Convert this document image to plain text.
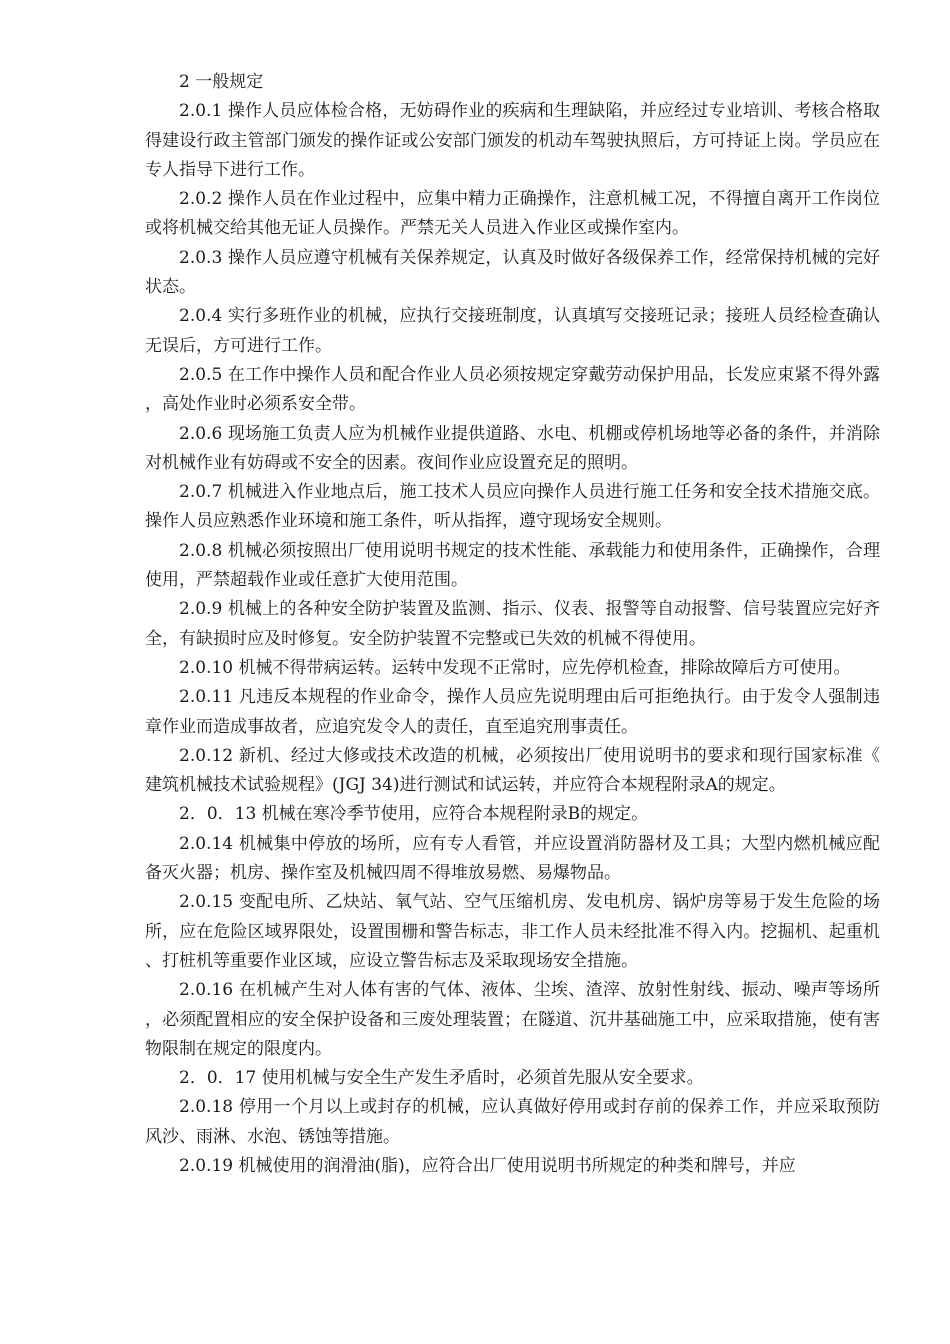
2 一般规定

2.0.1 操作人员应体检合格，无妨碍作业的疾病和生理缺陷，并应经过专业培训、考核合格取得建设行政主管部门颁发的操作证或公安部门颁发的机动车驾驶执照后，方可持证上岗。学员应在专人指导下进行工作。

2.0.2 操作人员在作业过程中，应集中精力正确操作，注意机械工况，不得擅自离开工作岗位或将机械交给其他无证人员操作。严禁无关人员进入作业区或操作室内。

2.0.3 操作人员应遵守机械有关保养规定，认真及时做好各级保养工作，经常保持机械的完好状态。

2.0.4 实行多班作业的机械，应执行交接班制度，认真填写交接班记录；接班人员经检查确认无误后，方可进行工作。

2.0.5 在工作中操作人员和配合作业人员必须按规定穿戴劳动保护用品，长发应束紧不得外露，高处作业时必须系安全带。

2.0.6 现场施工负责人应为机械作业提供道路、水电、机棚或停机场地等必备的条件，并消除对机械作业有妨碍或不安全的因素。夜间作业应设置充足的照明。

2.0.7 机械进入作业地点后，施工技术人员应向操作人员进行施工任务和安全技术措施交底。操作人员应熟悉作业环境和施工条件，听从指挥，遵守现场安全规则。

2.0.8 机械必须按照出厂使用说明书规定的技术性能、承载能力和使用条件，正确操作，合理使用，严禁超载作业或任意扩大使用范围。

2.0.9 机械上的各种安全防护装置及监测、指示、仪表、报警等自动报警、信号装置应完好齐全，有缺损时应及时修复。安全防护装置不完整或已失效的机械不得使用。

2.0.10 机械不得带病运转。运转中发现不正常时，应先停机检查，排除故障后方可使用。

2.0.11 凡违反本规程的作业命令，操作人员应先说明理由后可拒绝执行。由于发令人强制违章作业而造成事故者，应追究发令人的责任，直至追究刑事责任。

2.0.12 新机、经过大修或技术改造的机械，必须按出厂使用说明书的要求和现行国家标准《建筑机械技术试验规程》(JGJ 34)进行测试和试运转，并应符合本规程附录A的规定。

2．0．13 机械在寒冷季节使用，应符合本规程附录B的规定。

2.0.14 机械集中停放的场所，应有专人看管，并应设置消防器材及工具；大型内燃机械应配备灭火器；机房、操作室及机械四周不得堆放易燃、易爆物品。

2.0.15 变配电所、乙炔站、氧气站、空气压缩机房、发电机房、锅炉房等易于发生危险的场所，应在危险区域界限处，设置围栅和警告标志，非工作人员未经批准不得入内。挖掘机、起重机、打桩机等重要作业区域，应设立警告标志及采取现场安全措施。

2.0.16 在机械产生对人体有害的气体、液体、尘埃、渣滓、放射性射线、振动、噪声等场所，必须配置相应的安全保护设备和三废处理装置；在隧道、沉井基础施工中，应采取措施，使有害物限制在规定的限度内。

2．0．17 使用机械与安全生产发生矛盾时，必须首先服从安全要求。

2.0.18 停用一个月以上或封存的机械，应认真做好停用或封存前的保养工作，并应采取预防风沙、雨淋、水泡、锈蚀等措施。

2.0.19 机械使用的润滑油(脂)，应符合出厂使用说明书所规定的种类和牌号，并应
